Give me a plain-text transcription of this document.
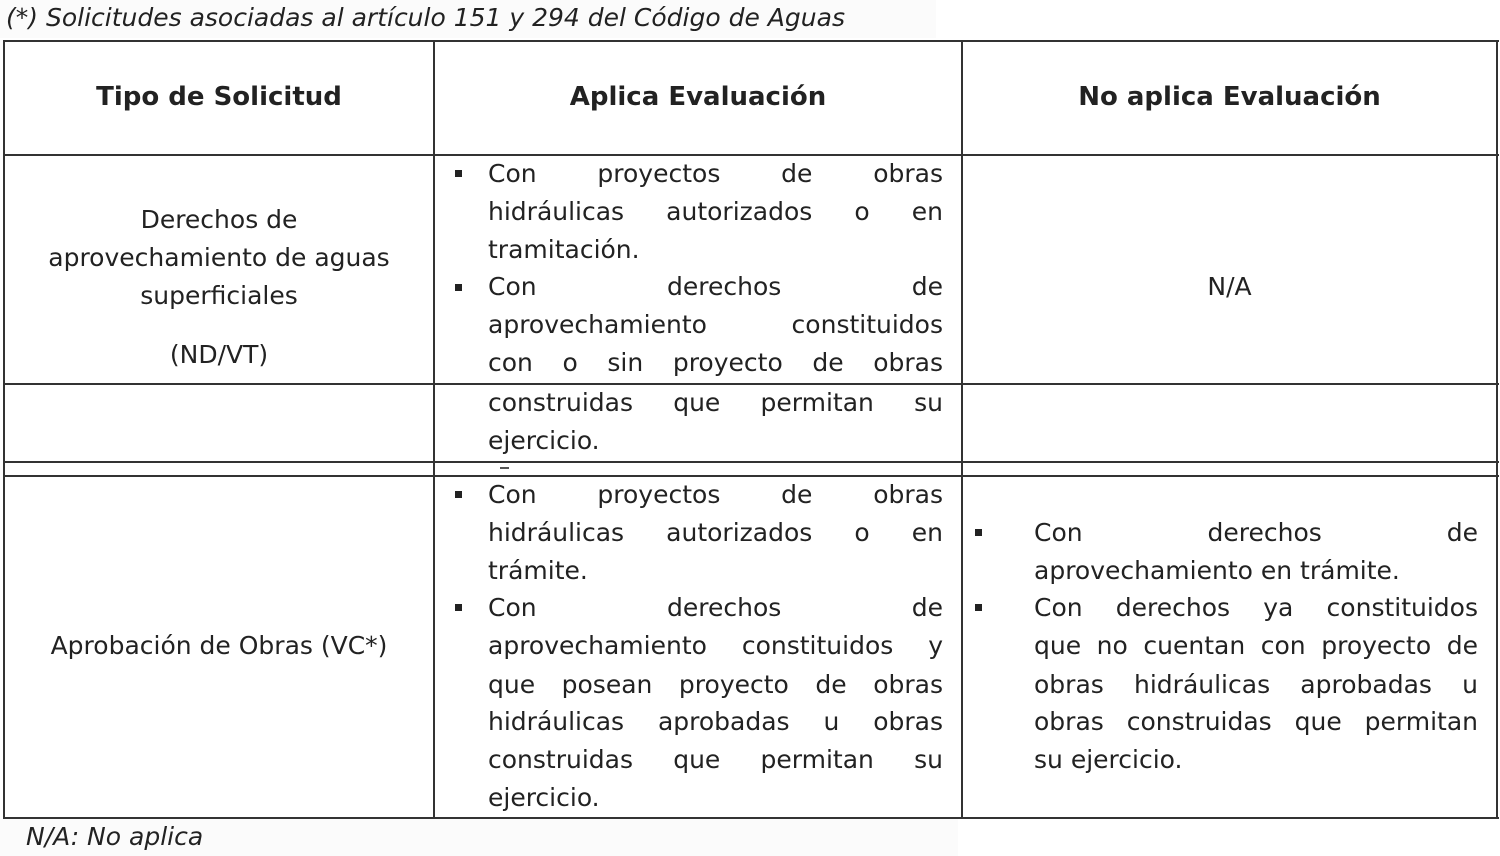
(*) Solicitudes asociadas al artículo 151 y 294 del Código de Aguas
N/A: No aplica
Tipo de Solicitud	Aplica Evaluación	No aplica Evaluación
Derechos de
aprovechamiento de aguas
superficiales
(ND/VT)
Con proyectos de obras
hidráulicas autorizados o en
tramitación.
Con derechos de
aprovechamiento constituidos
con o sin proyecto de obras
construidas que permitan su
ejercicio.
N/A
Aprobación de Obras (VC*)
Con proyectos de obras
hidráulicas autorizados o en
trámite.
Con derechos de
aprovechamiento constituidos y
que posean proyecto de obras
hidráulicas aprobadas u obras
construidas que permitan su
ejercicio.
Con derechos de
aprovechamiento en trámite.
Con derechos ya constituidos
que no cuentan con proyecto de
obras hidráulicas aprobadas u
obras construidas que permitan
su ejercicio.
